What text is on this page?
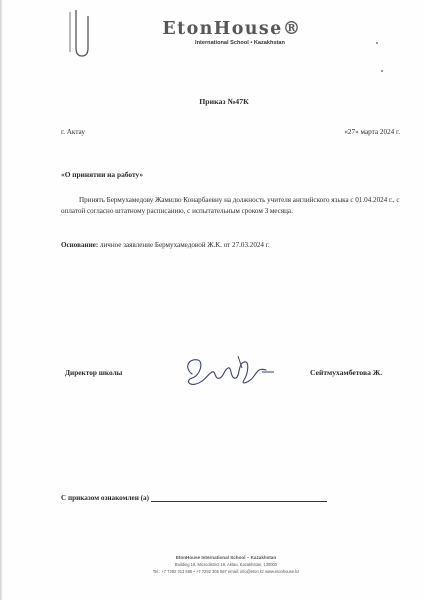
EtonHouse®
International School • Kazakhstan
Приказ №47К
г. Актау	«27» марта 2024 г.
«О принятии на работу»
Принять Бермухамедову Жамилю Конарбаевну на должность учителя английского языка с 01.04.2024 г., с оплатой согласно штатному расписанию, с испытательным сроком 3 месяца.
Основание: личное заявление Бермухамедовой Ж.К. от 27.03.2024 г.
Директор школы	Сейтмухамбетова Ж.
С приказом ознакомлен (а)
EtonHouse International School – Kazakhstan
Building 18, Microdistrict 19, Aktau, Kazakhstan, 130000
Tel.: +7 7292 313 585 • +7 7292 305 587 email: info@eton.kz www.etonhouse.kz
